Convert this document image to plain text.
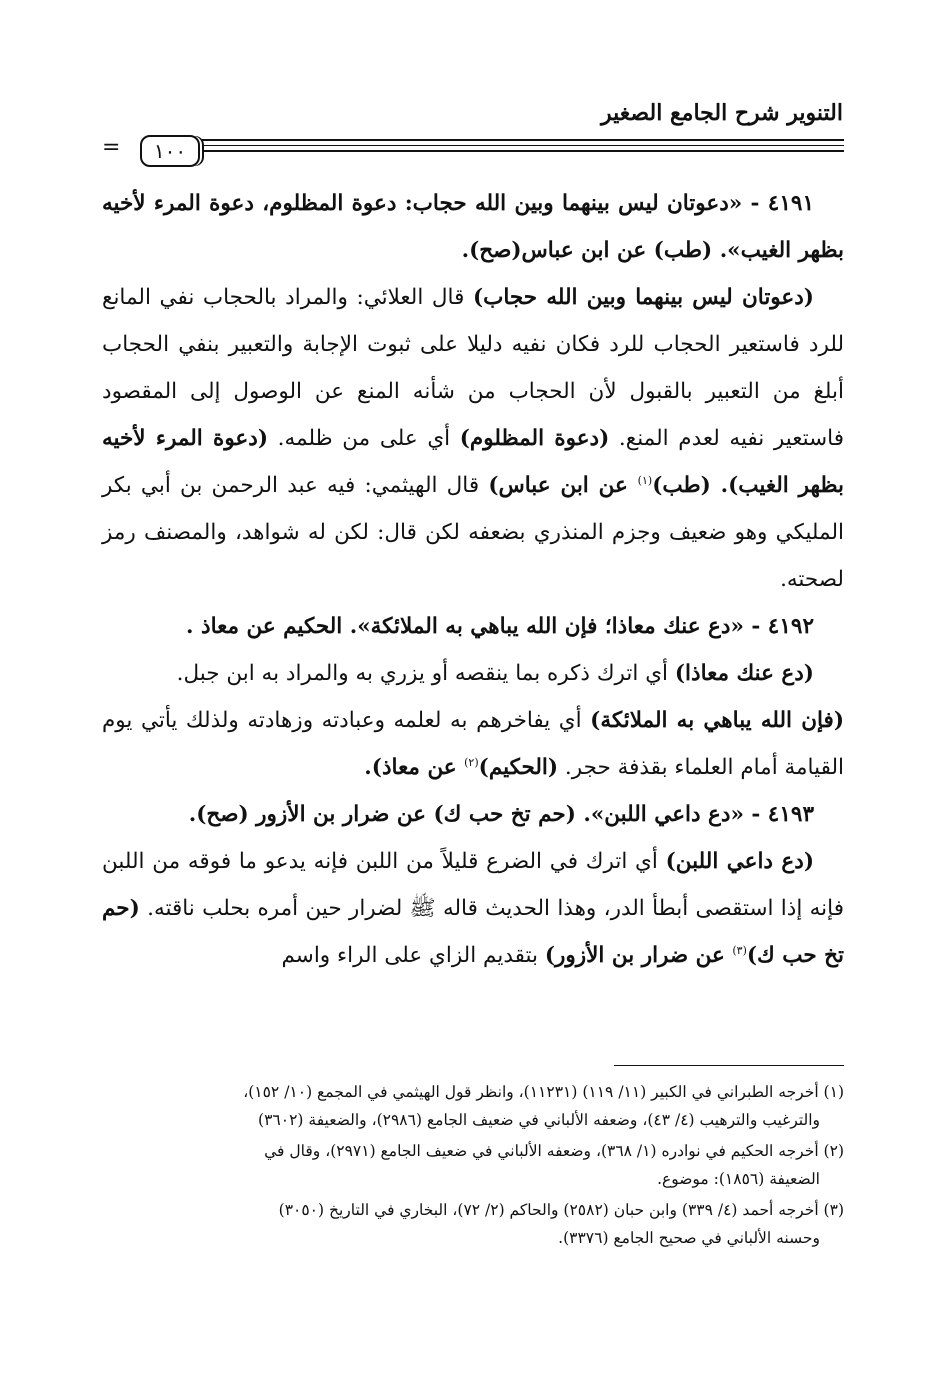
التنوير شرح الجامع الصغير
١٠٠
=

٤١٩١ - «دعوتان ليس بينهما وبين الله حجاب: دعوة المظلوم، دعوة المرء لأخيه بظهر الغيب». (طب) عن ابن عباس(صح).

(دعوتان ليس بينهما وبين الله حجاب) قال العلائي: والمراد بالحجاب نفي المانع للرد فاستعير الحجاب للرد فكان نفيه دليلا على ثبوت الإجابة والتعبير بنفي الحجاب أبلغ من التعبير بالقبول لأن الحجاب من شأنه المنع عن الوصول إلى المقصود فاستعير نفيه لعدم المنع. (دعوة المظلوم) أي على من ظلمه. (دعوة المرء لأخيه بظهر الغيب). (طب)$^{(١)}$ عن ابن عباس) قال الهيثمي: فيه عبد الرحمن بن أبي بكر المليكي وهو ضعيف وجزم المنذري بضعفه لكن قال: لكن له شواهد، والمصنف رمز لصحته.

٤١٩٢ - «دع عنك معاذا؛ فإن الله يباهي به الملائكة». الحكيم عن معاذ .

(دع عنك معاذا) أي اترك ذكره بما ينقصه أو يزري به والمراد به ابن جبل.
(فإن الله يباهي به الملائكة) أي يفاخرهم به لعلمه وعبادته وزهادته ولذلك يأتي يوم القيامة أمام العلماء بقذفة حجر. (الحكيم)$^{(٢)}$ عن معاذ).

٤١٩٣ - «دع داعي اللبن». (حم تخ حب ك) عن ضرار بن الأزور (صح).

(دع داعي اللبن) أي اترك في الضرع قليلاً من اللبن فإنه يدعو ما فوقه من اللبن فإنه إذا استقصى أبطأ الدر، وهذا الحديث قاله ﷺ لضرار حين أمره بحلب ناقته. (حم تخ حب ك)$^{(٣)}$ عن ضرار بن الأزور) بتقديم الزاي على الراء واسم

(١) أخرجه الطبراني في الكبير (١١/ ١١٩) (١١٢٣١)، وانظر قول الهيثمي في المجمع (١٠/ ١٥٢)،
والترغيب والترهيب (٤/ ٤٣)، وضعفه الألباني في ضعيف الجامع (٢٩٨٦)، والضعيفة (٣٦٠٢)

(٢) أخرجه الحكيم في نوادره (١/ ٣٦٨)، وضعفه الألباني في ضعيف الجامع (٢٩٧١)، وقال في
الضعيفة (١٨٥٦): موضوع.

(٣) أخرجه أحمد (٤/ ٣٣٩) وابن حبان (٢٥٨٢) والحاكم (٢/ ٧٢)، البخاري في التاريخ (٣٠٥٠)
وحسنه الألباني في صحيح الجامع (٣٣٧٦).
